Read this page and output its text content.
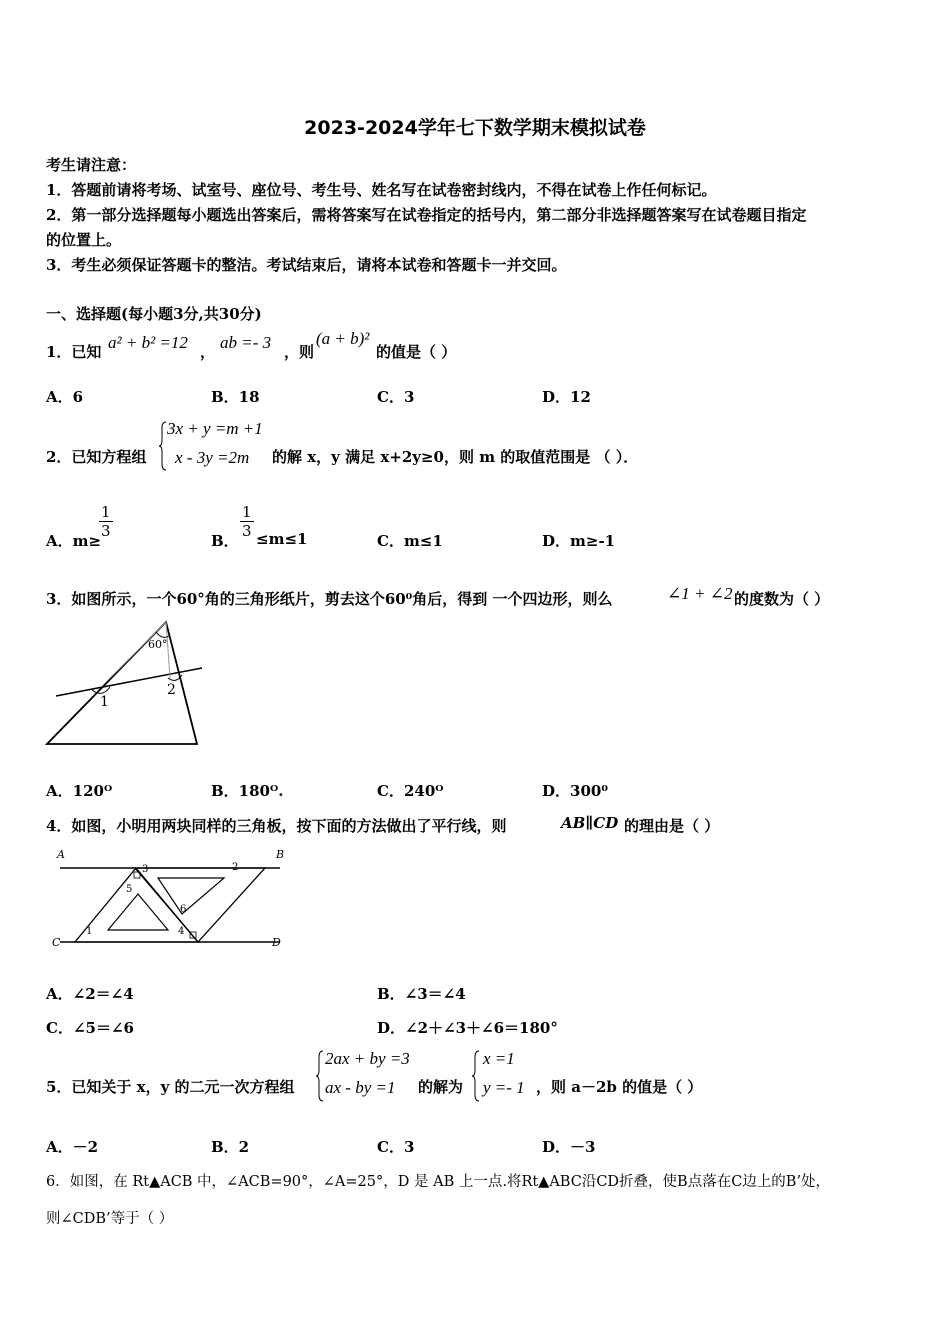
2023-2024学年七下数学期末模拟试卷
考生请注意：
1．答题前请将考场、试室号、座位号、考生号、姓名写在试卷密封线内，不得在试卷上作任何标记。
2．第一部分选择题每小题选出答案后，需将答案写在试卷指定的括号内，第二部分非选择题答案写在试卷题目指定
的位置上。
3．考生必须保证答题卡的整洁。考试结束后，请将本试卷和答题卡一并交回。
一、选择题(每小题3分,共30分)
1．已知 a² + b² =12 ， ab =- 3 ，则
(a + b)²
的值是（ ）
A．6	B．18	C．3	D．12
2．已知方程组
3x + y =m +1
x - 3y =2m 的解 x，y 满足 x+2y≥0，则 m 的取值范围是 （ ）．
A．m≥
$\frac{1}{3}$
B．
$\frac{1}{3} \le m\le 1$	C．m≤1	D．m≥-1
3．如图所示，一个60°角的三角形纸片，剪去这个60⁰角后，得到 一个四边形，则么	∠1 + ∠2 的度数为（ ）
60°
1
2
A．120ᴼ	B．180ᴼ.	C．240ᴼ	D．300⁰
4．如图，小明用两块同样的三角板，按下面的方法做出了平行线，则	AB∥CD 的理由是（ ）
A	B
C	D
1
2
3
4
5
6
A．∠2＝∠4	B．∠3＝∠4
C．∠5＝∠6	D．∠2＋∠3＋∠6＝180°
5．已知关于 x，y 的二元一次方程组
2ax + by =3
ax - by =1 的解为
x =1
y =- 1 ，则 a－2b 的值是（ ）
A．－2	B．2	C．3	D．－3
6．如图，在 Rt▲ACB 中，∠ACB=90°，∠A=25°，D 是 AB 上一点.将Rt▲ABC沿CD折叠，使B点落在C边上的B’处，
则∠CDB’等于（ ）
